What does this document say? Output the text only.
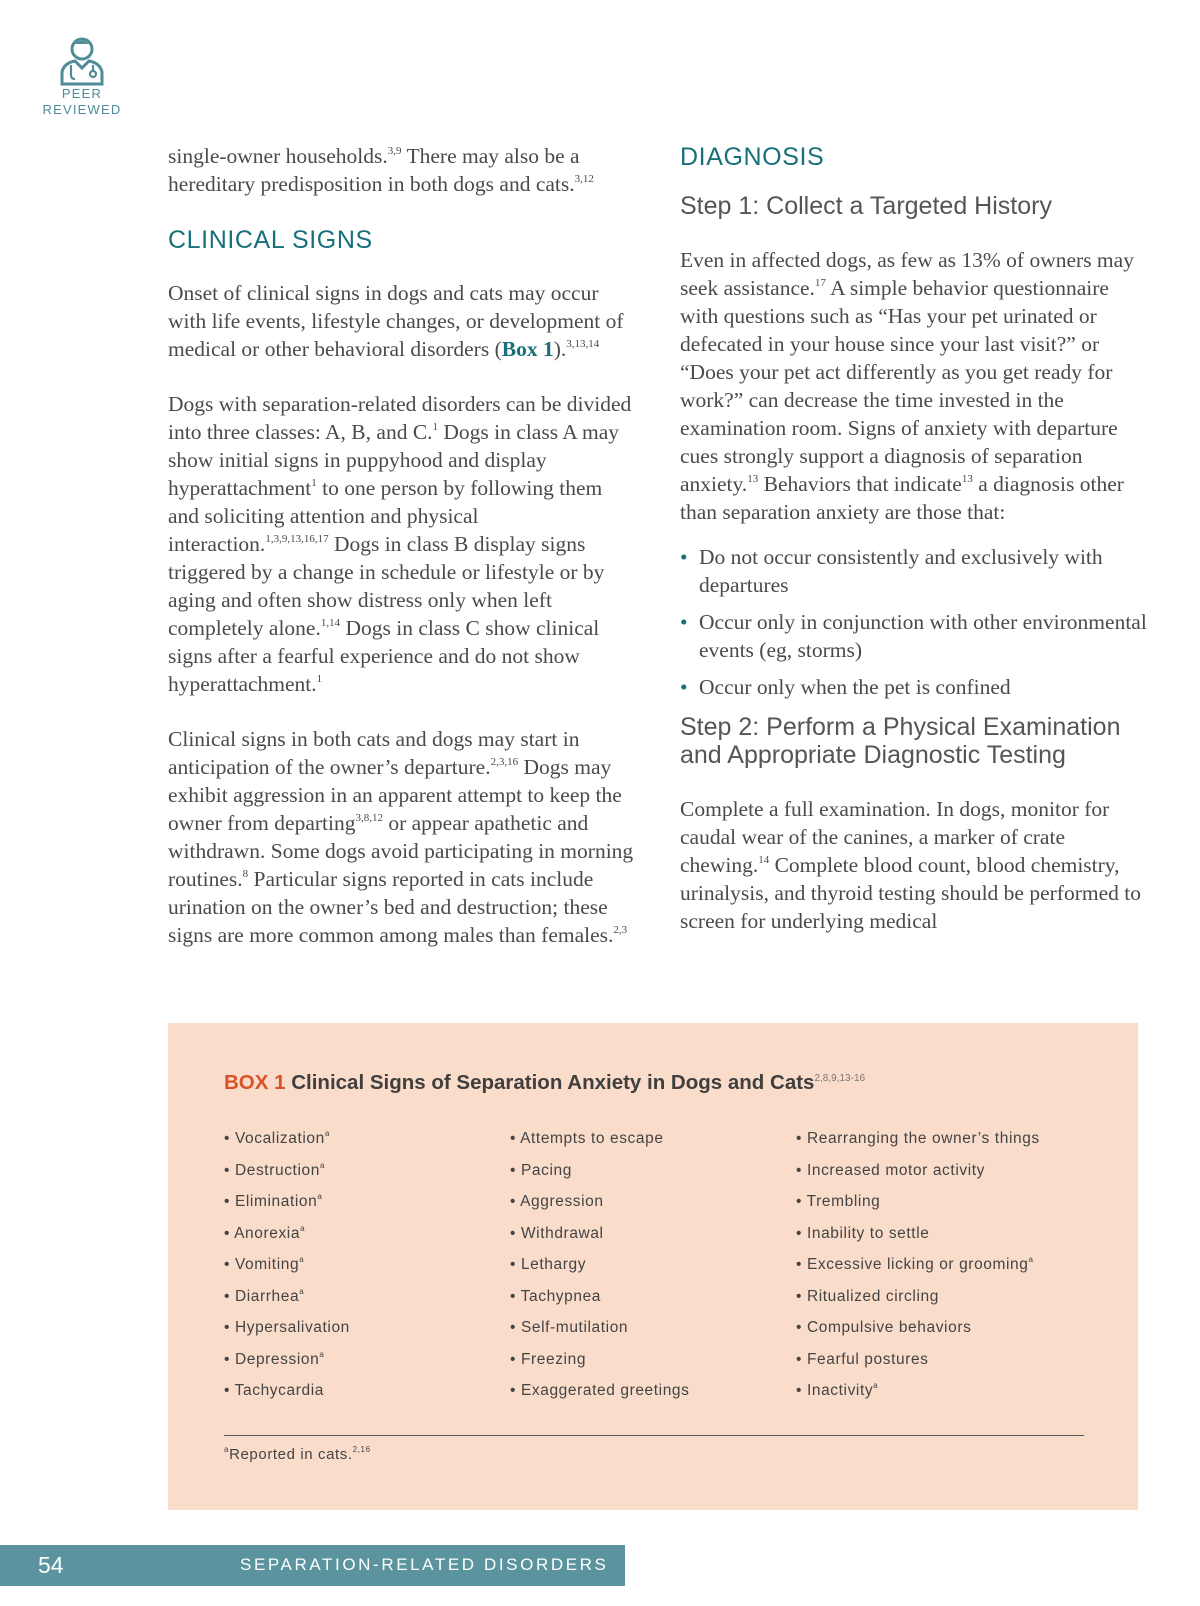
PEER
REVIEWED

single-owner households.$^{3,9}$ There may also be a hereditary predisposition in both dogs and cats.$^{3,12}$

CLINICAL SIGNS

Onset of clinical signs in dogs and cats may occur with life events, lifestyle changes, or development of medical or other behavioral disorders (Box 1).$^{3,13,14}$

Dogs with separation-related disorders can be divided into three classes: A, B, and C.$^1$ Dogs in class A may show initial signs in puppyhood and display hyperattachment$^1$ to one person by following them and soliciting attention and physical interaction.$^{1,3,9,13,16,17}$ Dogs in class B display signs triggered by a change in schedule or lifestyle or by aging and often show distress only when left completely alone.$^{1,14}$ Dogs in class C show clinical signs after a fearful experience and do not show hyperattachment.$^1$

Clinical signs in both cats and dogs may start in anticipation of the owner’s departure.$^{2,3,16}$ Dogs may exhibit aggression in an apparent attempt to keep the owner from departing$^{3,8,12}$ or appear apathetic and withdrawn. Some dogs avoid participating in morning routines.$^8$ Particular signs reported in cats include urination on the owner’s bed and destruction; these signs are more common among males than females.$^{2,3}$

DIAGNOSIS
Step 1: Collect a Targeted History

Even in affected dogs, as few as 13% of owners may seek assistance.$^{17}$ A simple behavior questionnaire with questions such as “Has your pet urinated or defecated in your house since your last visit?” or “Does your pet act differently as you get ready for work?” can decrease the time invested in the examination room. Signs of anxiety with departure cues strongly support a diagnosis of separation anxiety.$^{13}$ Behaviors that indicate$^{13}$ a diagnosis other than separation anxiety are those that:

• Do not occur consistently and exclusively with departures
• Occur only in conjunction with other environmental events (eg, storms)
• Occur only when the pet is confined
Step 2: Perform a Physical Examination and Appropriate Diagnostic Testing

Complete a full examination. In dogs, monitor for caudal wear of the canines, a marker of crate chewing.$^{14}$ Complete blood count, blood chemistry, urinalysis, and thyroid testing should be performed to screen for underlying medical

BOX 1 Clinical Signs of Separation Anxiety in Dogs and Cats$^{2,8,9,13-16}$
• Vocalization$^a$
• Destruction$^a$
• Elimination$^a$
• Anorexia$^a$
• Vomiting$^a$
• Diarrhea$^a$
• Hypersalivation
• Depression$^a$
• Tachycardia
• Attempts to escape
• Pacing
• Aggression
• Withdrawal
• Lethargy
• Tachypnea
• Self-mutilation
• Freezing
• Exaggerated greetings
• Rearranging the owner’s things
• Increased motor activity
• Trembling
• Inability to settle
• Excessive licking or grooming$^a$
• Ritualized circling
• Compulsive behaviors
• Fearful postures
• Inactivity$^a$
$^a$Reported in cats.$^{2,16}$
54	SEPARATION-RELATED DISORDERS
